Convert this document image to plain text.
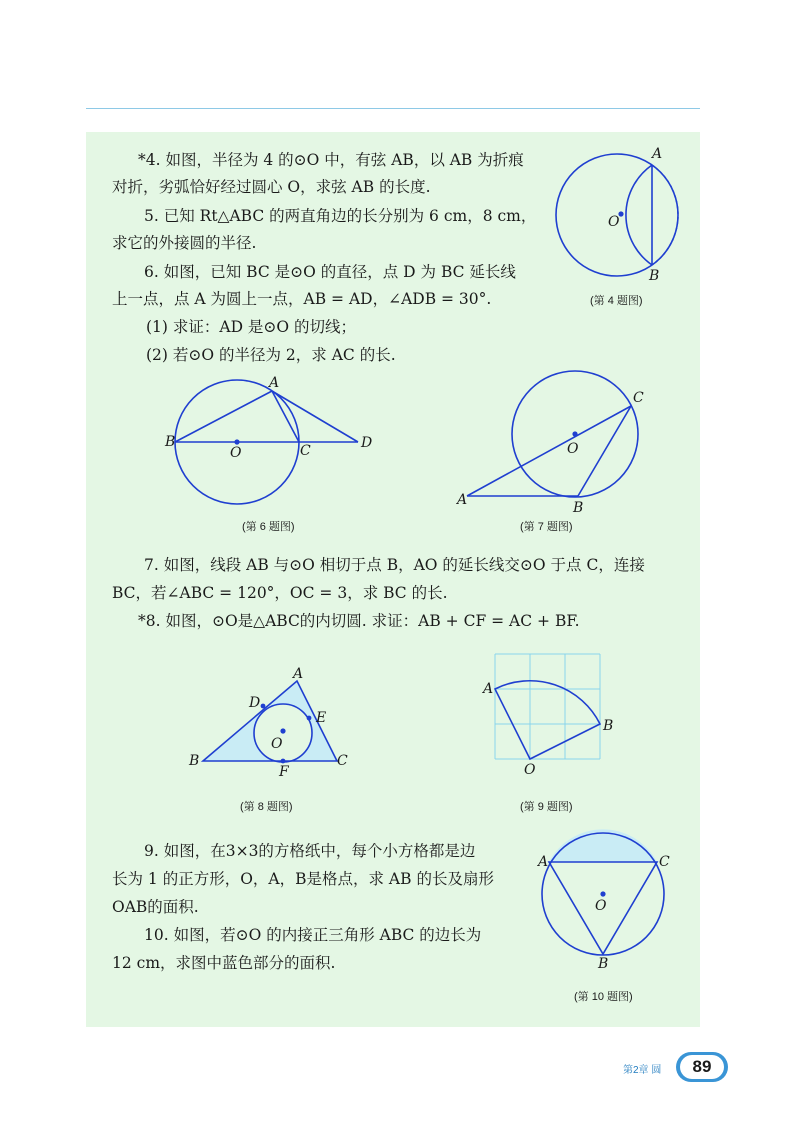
*4. 如图，半径为 4 的⊙O 中，有弦 AB，以 AB 为折痕
对折，劣弧恰好经过圆心 O，求弦 AB 的长度.
5. 已知 Rt△ABC 的两直角边的长分别为 6 cm，8 cm，
求它的外接圆的半径.
6. 如图，已知 BC 是⊙O 的直径，点 D 为 BC 延长线
上一点，点 A 为圆上一点，AB = AD，∠ADB = 30°.
(1) 求证：AD 是⊙O 的切线；
(2) 若⊙O 的半径为 2，求 AC 的长.
7. 如图，线段 AB 与⊙O 相切于点 B，AO 的延长线交⊙O 于点 C，连接
BC，若∠ABC = 120°，OC = 3，求 BC 的长.
*8. 如图，⊙O是△ABC的内切圆. 求证：AB + CF = AC + BF.
9. 如图，在3×3的方格纸中，每个小方格都是边
长为 1 的正方形，O，A，B是格点，求 AB 的长及扇形
OAB的面积.
10. 如图，若⊙O 的内接正三角形 ABC 的边长为
12 cm，求图中蓝色部分的面积.
A
B
O
(第 4 题图)
A
B
C	D
O
(第 6 题图)
C
A	B
O
(第 7 题图)
A
B	C
D
E
F
O
(第 8 题图)
A
B
O
(第 9 题图)
A	C
B
O
(第 10 题图)
第2章 圆	89
